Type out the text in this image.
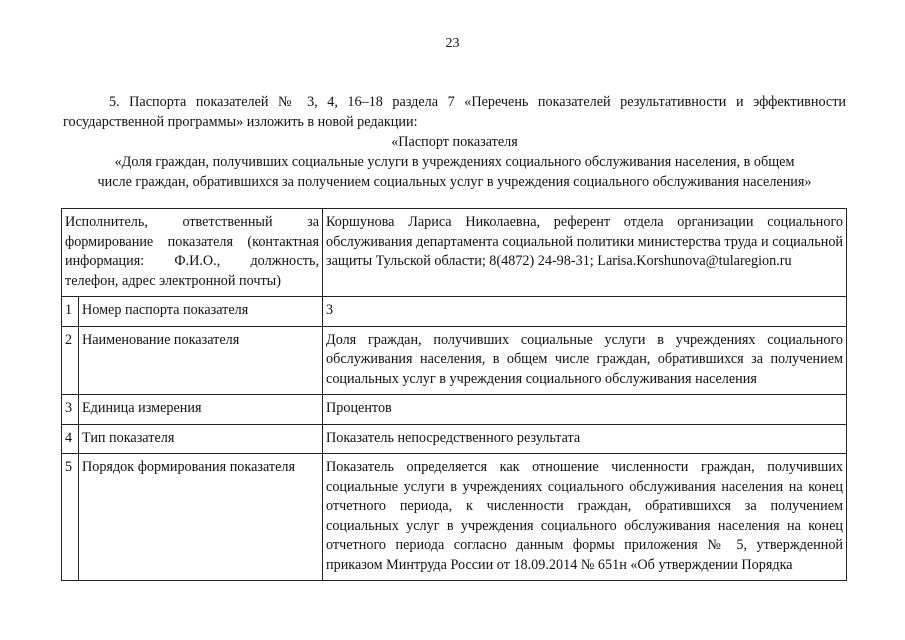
23
5. Паспорта показателей № 3, 4, 16–18 раздела 7 «Перечень показателей результативности и эффективности государственной программы» изложить в новой редакции:
«Паспорт показателя
«Доля граждан, получивших социальные услуги в учреждениях социального обслуживания населения, в общем
числе граждан, обратившихся за получением социальных услуг в учреждения социального обслуживания населения»
Исполнитель, ответственный за формирование показателя (контактная информация: Ф.И.О., должность, телефон, адрес электронной почты)		Коршунова Лариса Николаевна, референт отдела организации социального обслуживания департамента социальной политики министерства труда и социальной защиты Тульской области; 8(4872) 24-98-31; Larisa.Korshunova@tularegion.ru
1	Номер паспорта показателя	3
2	Наименование показателя	Доля граждан, получивших социальные услуги в учреждениях социального обслуживания населения, в общем числе граждан, обратившихся за получением социальных услуг в учреждения социального обслуживания населения
3	Единица измерения	Процентов
4	Тип показателя	Показатель непосредственного результата
5	Порядок формирования показателя	Показатель определяется как отношение численности граждан, получивших социальные услуги в учреждениях социального обслуживания населения на конец отчетного периода, к численности граждан, обратившихся за получением социальных услуг в учреждения социального обслуживания населения на конец отчетного периода согласно данным формы приложения № 5, утвержденной приказом Минтруда России от 18.09.2014 № 651н «Об утверждении Порядка
